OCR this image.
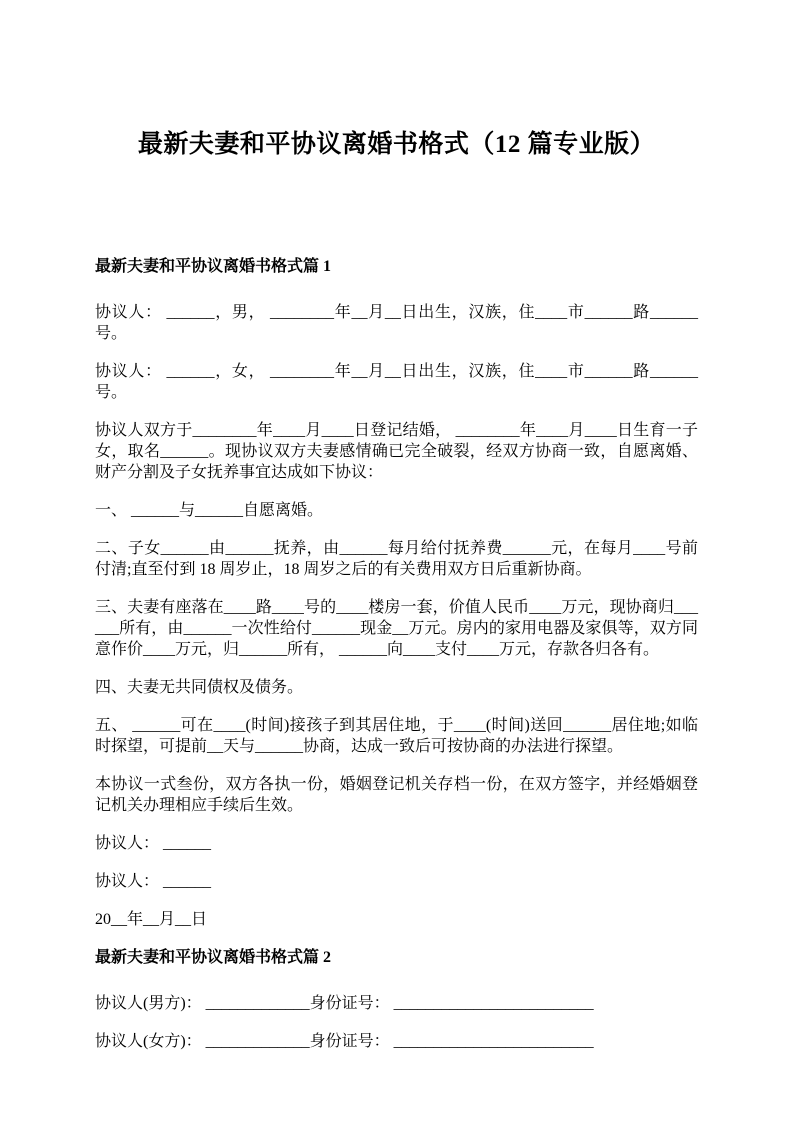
最新夫妻和平协议离婚书格式（12 篇专业版）
最新夫妻和平协议离婚书格式篇 1

协议人： ______，男， ________年__月__日出生，汉族，住____市______路______号。

协议人： ______，女， ________年__月__日出生，汉族，住____市______路______号。

协议人双方于________年____月____日登记结婚， ________年____月____日生育一子女，取名______。现协议双方夫妻感情确已完全破裂，经双方协商一致，自愿离婚、财产分割及子女抚养事宜达成如下协议：

一、 ______与______自愿离婚。

二、子女______由______抚养，由______每月给付抚养费______元，在每月____号前付清;直至付到 18 周岁止，18 周岁之后的有关费用双方日后重新协商。

三、夫妻有座落在____路____号的____楼房一套，价值人民币____万元，现协商归______所有，由______一次性给付______现金__万元。房内的家用电器及家俱等，双方同意作价____万元，归______所有， ______向____支付____万元，存款各归各有。

四、夫妻无共同债权及债务。

五、 ______可在____(时间)接孩子到其居住地，于____(时间)送回______居住地;如临时探望，可提前__天与______协商，达成一致后可按协商的办法进行探望。

本协议一式叁份，双方各执一份，婚姻登记机关存档一份，在双方签字，并经婚姻登记机关办理相应手续后生效。

协议人： ______

协议人： ______

20__年__月__日

最新夫妻和平协议离婚书格式篇 2

协议人(男方)： _____________身份证号： _________________________

协议人(女方)： _____________身份证号： _________________________
